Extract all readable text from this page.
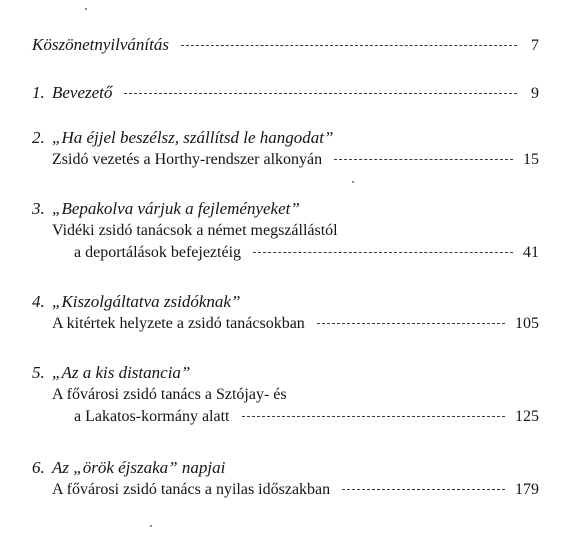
Köszönetnyilvánítás	7
1. Bevezető	9
2. „Ha éjjel beszélsz, szállítsd le hangodat”
Zsidó vezetés a Horthy-rendszer alkonyán	15
3. „Bepakolva várjuk a fejleményeket”
Vidéki zsidó tanácsok a német megszállástól
a deportálások befejeztéig	41
4. „Kiszolgáltatva zsidóknak”
A kitértek helyzete a zsidó tanácsokban	105
5. „Az a kis distancia”
A fővárosi zsidó tanács a Sztójay- és
a Lakatos-kormány alatt	125
6. Az „örök éjszaka” napjai
A fővárosi zsidó tanács a nyilas időszakban	179
